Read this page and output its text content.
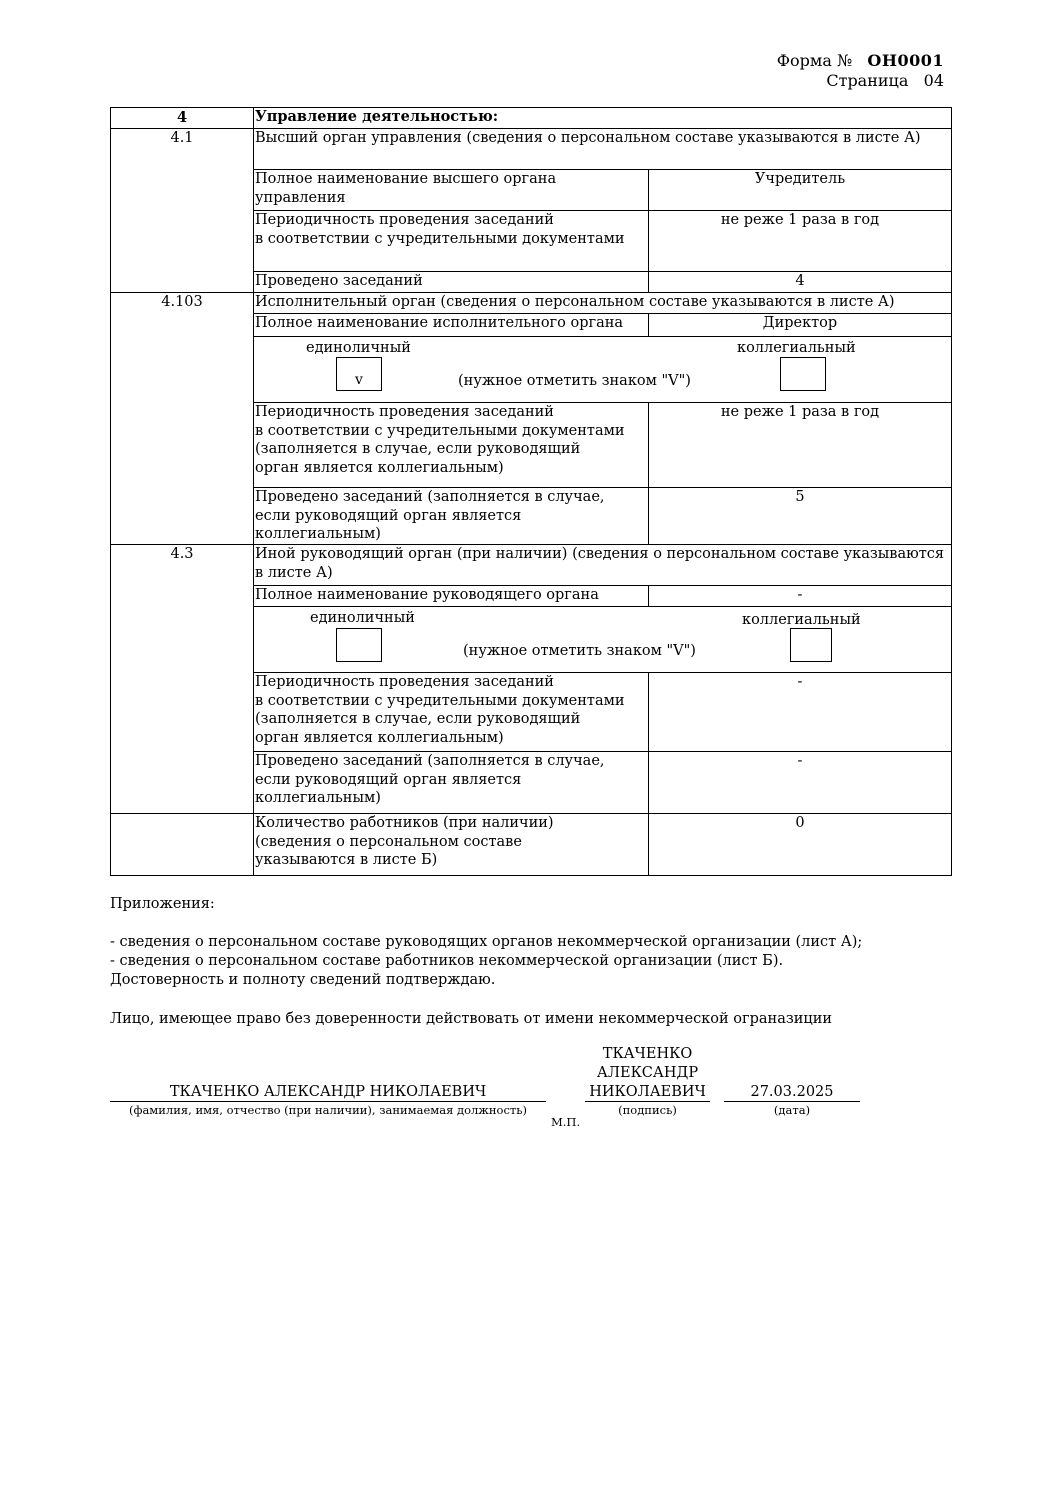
Форма № ОН0001
Страница 04
4	Управление деятельностью:	
4.1	Высший орган управления (сведения о персональном составе указываются в листе А)	
	Полное наименование высшего органа управления	Учредитель

	Периодичность проведения заседаний
в соответствии с учредительными документами	не реже 1 раза в год
	Проведено заседаний	4
4.103	Исполнительный орган (сведения о персональном составе указываются в листе А)	
	Полное наименование исполнительного органа	Директор

	единоличный коллегиальный
v (нужное отметить знаком "V")	

	Периодичность проведения заседаний
в соответствии с учредительными документами
(заполняется в случае, если руководящий
орган является коллегиальным)	не реже 1 раза в год

	Проведено заседаний (заполняется в случае,
если руководящий орган является
коллегиальным)	5
4.3	Иной руководящий орган (при наличии) (сведения о персональном составе указываются в листе А)	
	Полное наименование руководящего органа	-

	единоличный коллегиальный
(нужное отметить знаком "V")	

	Периодичность проведения заседаний
в соответствии с учредительными документами
(заполняется в случае, если руководящий
орган является коллегиальным)	-

	Проведено заседаний (заполняется в случае,
если руководящий орган является
коллегиальным)	-

	Количество работников (при наличии)
(сведения о персональном составе
указываются в листе Б)	0
Приложения:
- сведения о персональном составе руководящих органов некоммерческой организации (лист А);
- сведения о персональном составе работников некоммерческой организации (лист Б).
Достоверность и полноту сведений подтверждаю.
Лицо, имеющее право без доверенности действовать от имени некоммерческой ограназиции
ТКАЧЕНКО АЛЕКСАНДР НИКОЛАЕВИЧ
(фамилия, имя, отчество (при наличии), занимаемая должность)
М.П.
ТКАЧЕНКО
АЛЕКСАНДР
НИКОЛАЕВИЧ
(подпись)
27.03.2025
(дата)
